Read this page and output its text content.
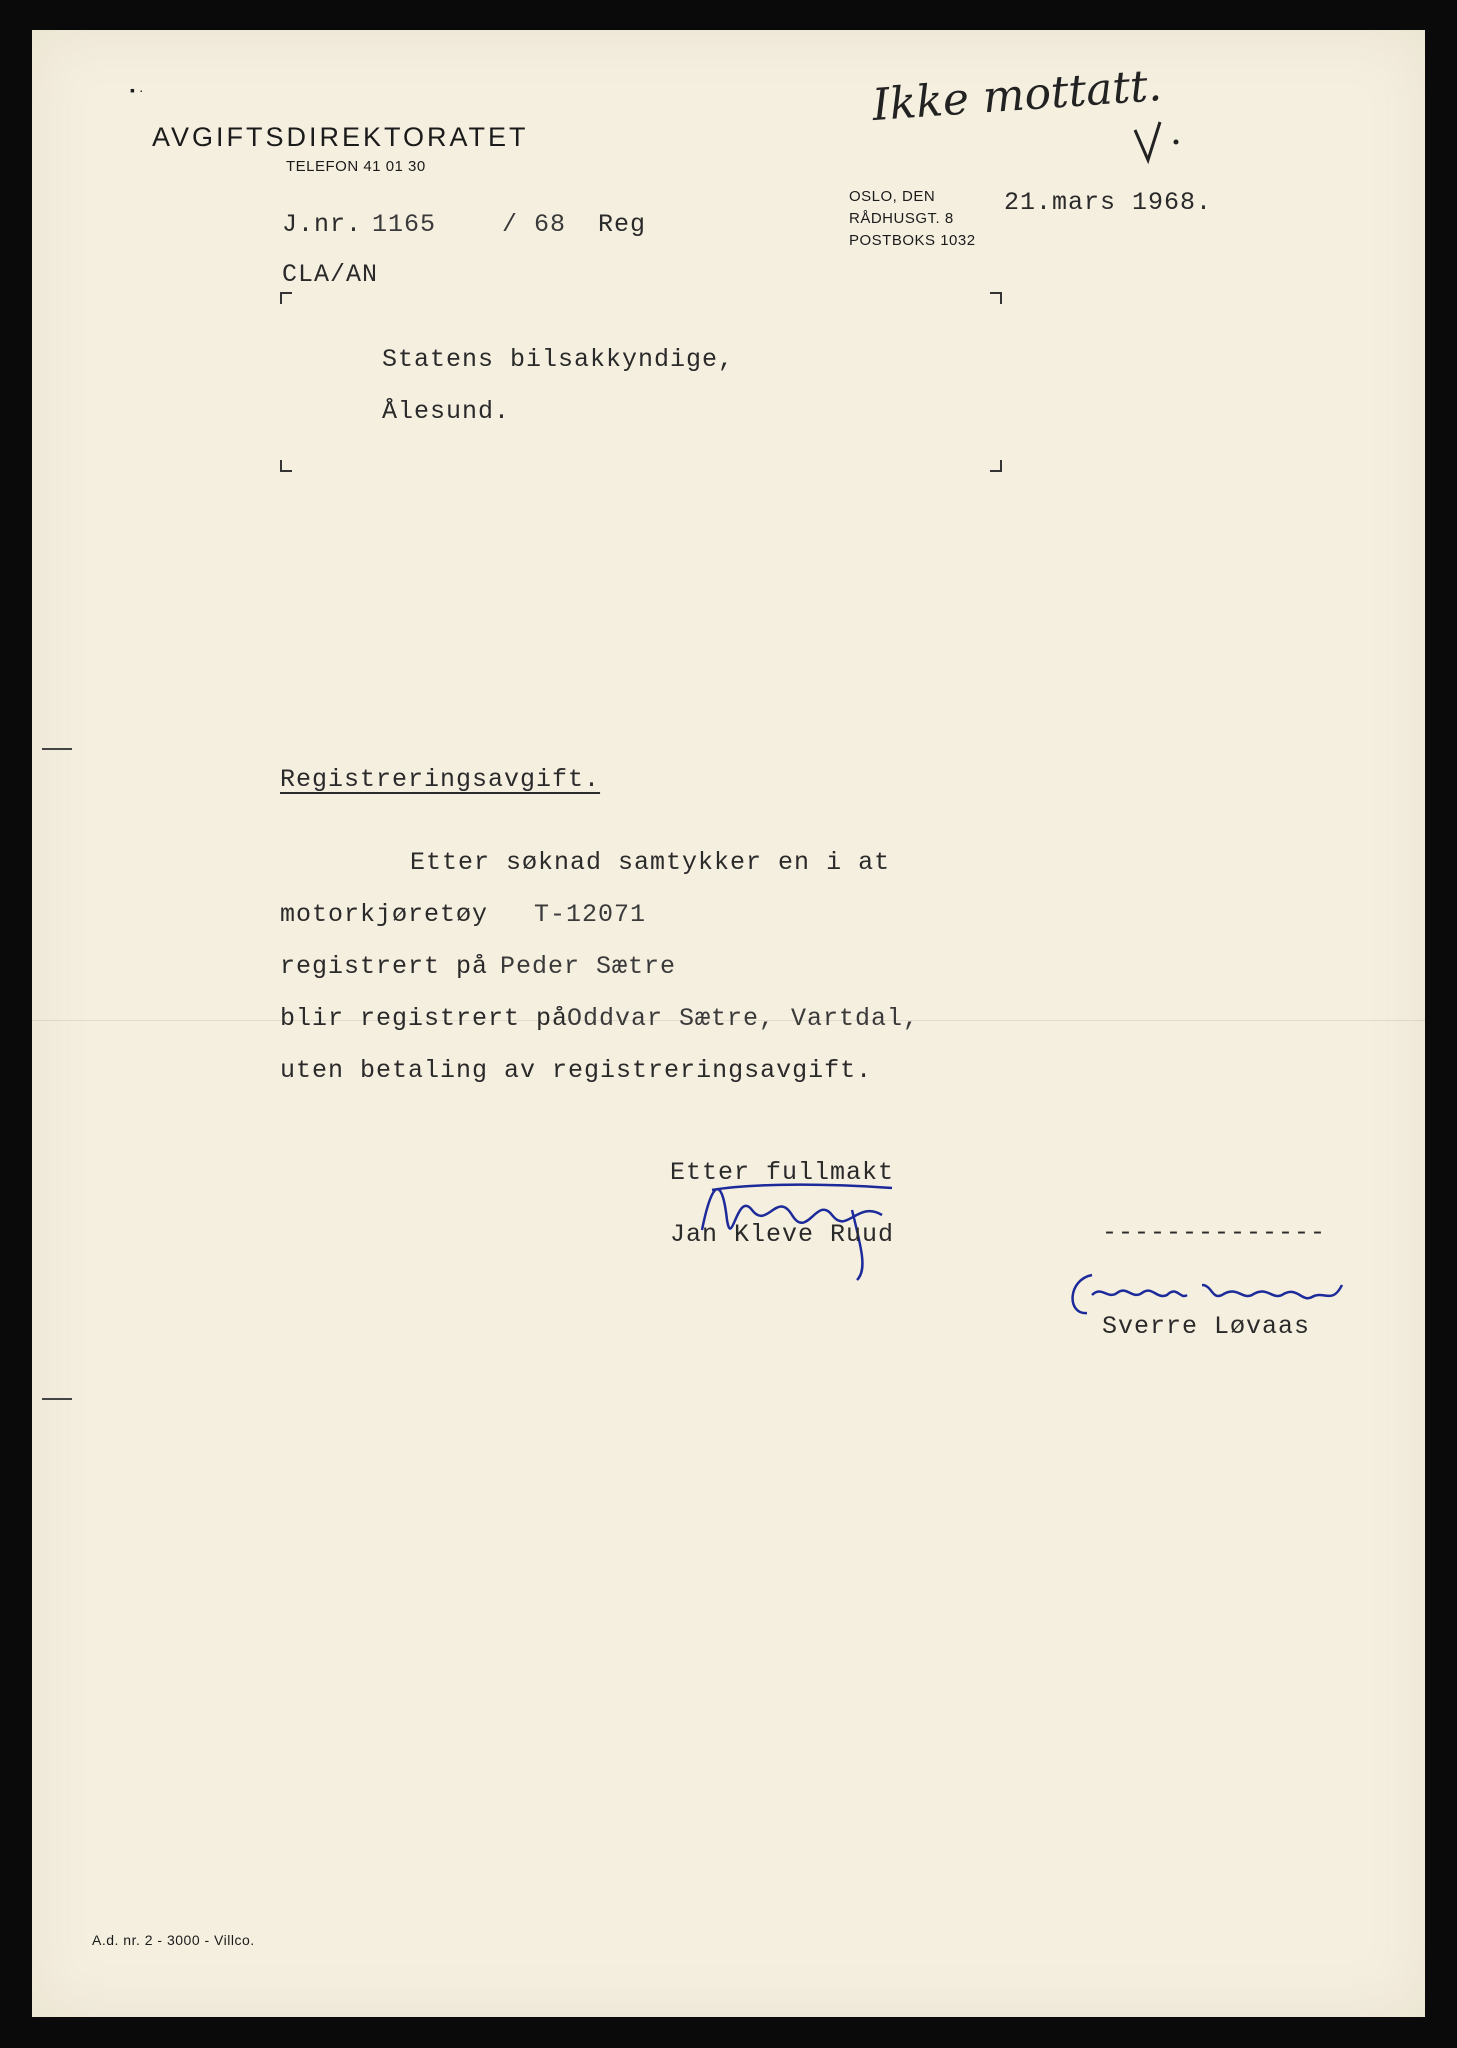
▪ ·
AVGIFTSDIREKTORATET
TELEFON 41 01 30
J.nr. 1165	/ 68 Reg
CLA/AN
OSLO, DEN	21.mars 1968.
RÅDHUSGT. 8
POSTBOKS 1032
Ikke mottatt.
Statens bilsakkyndige,
Ålesund.
Registreringsavgift.
Etter søknad samtykker en i at
motorkjøretøy T-12071
registrert på Peder Sætre
blir registrert på
Oddvar Sætre, Vartdal,
uten betaling av registreringsavgift.
Etter fullmakt
Jan Kleve Ruud	--------------
Sverre Løvaas
A.d. nr. 2 - 3000 - Villco.
